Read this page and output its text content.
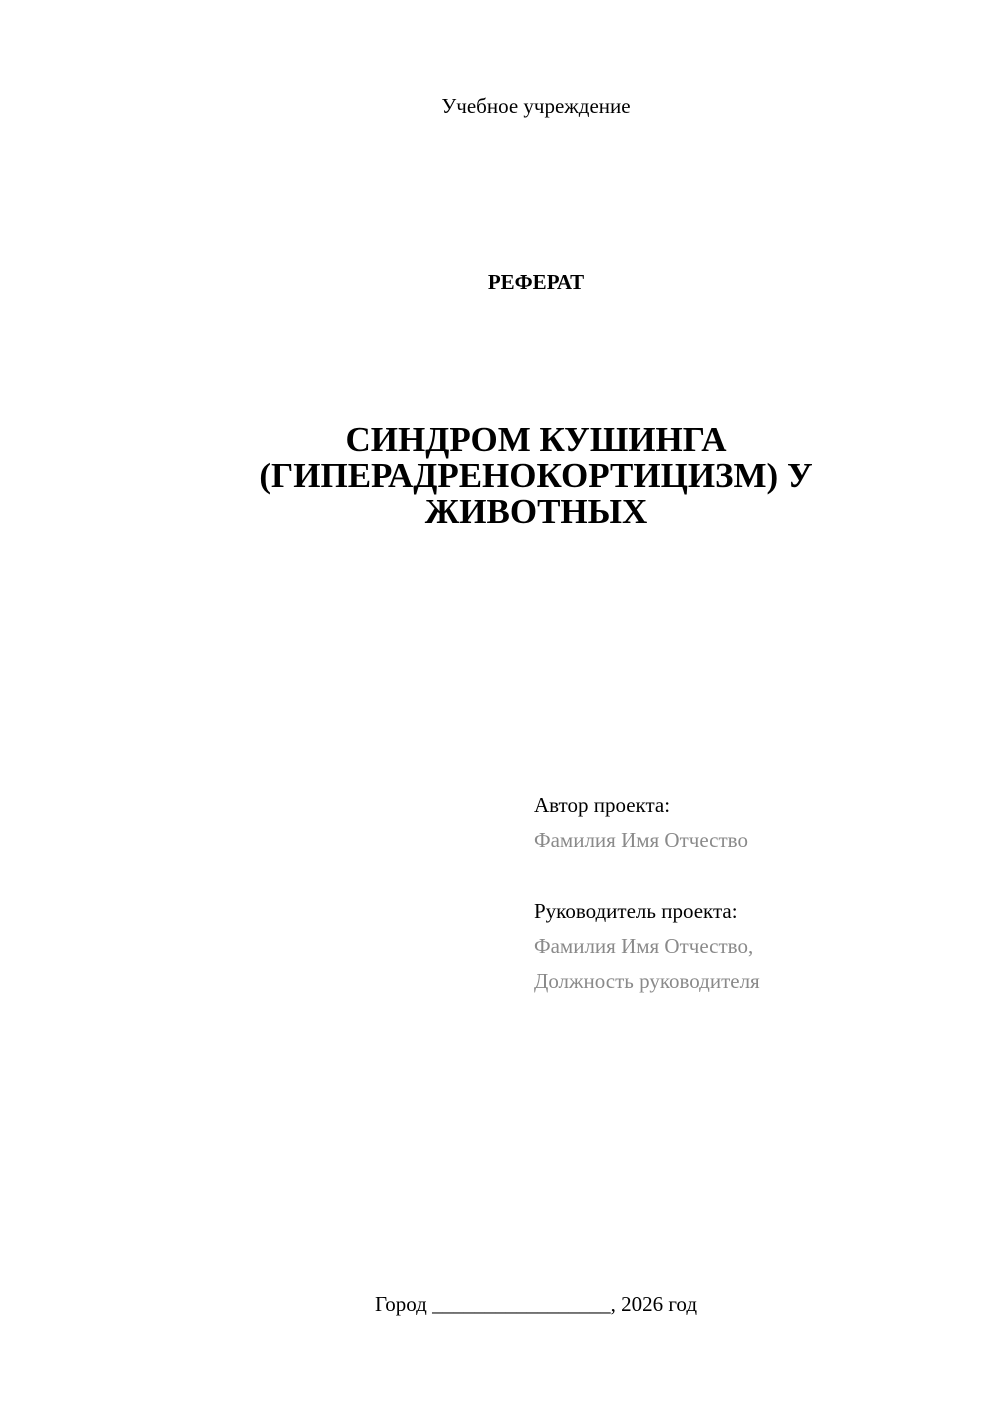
Учебное учреждение
РЕФЕРАТ
СИНДРОМ КУШИНГА
(ГИПЕРАДРЕНОКОРТИЦИЗМ) У
ЖИВОТНЫХ
Автор проекта:
Фамилия Имя Отчество
Руководитель проекта:
Фамилия Имя Отчество,
Должность руководителя
Город _________________, 2026 год
